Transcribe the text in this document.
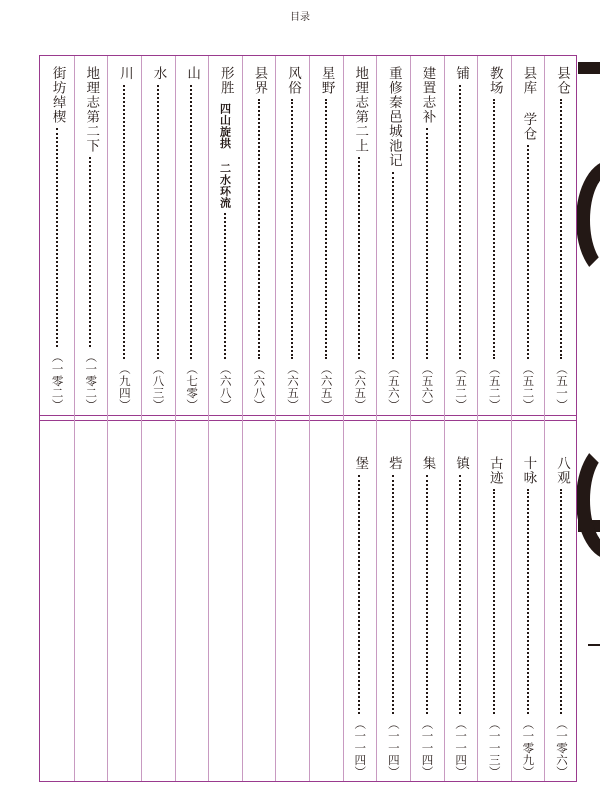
目录
县仓
（五一）
县库 学仓
（五二）
教场
（五二）
铺
（五二）
建置志补
（五六）
重修秦邑城池记
（五六）
地理志第二上
（六五）
星野
（六五）
风俗
（六五）
县界
（六八）
形胜
四山旋拱 二水环流
（六八）
山
（七零）
水
（八三）
川
（九四）
地理志第二下
（一零二）
街坊绰楔
（一零二）
八观
（一零六）
十咏
（一零九）
古迹
（一一三）
镇
（一一四）
集
（一一四）
砦
（一一四）
堡
（一一四）
